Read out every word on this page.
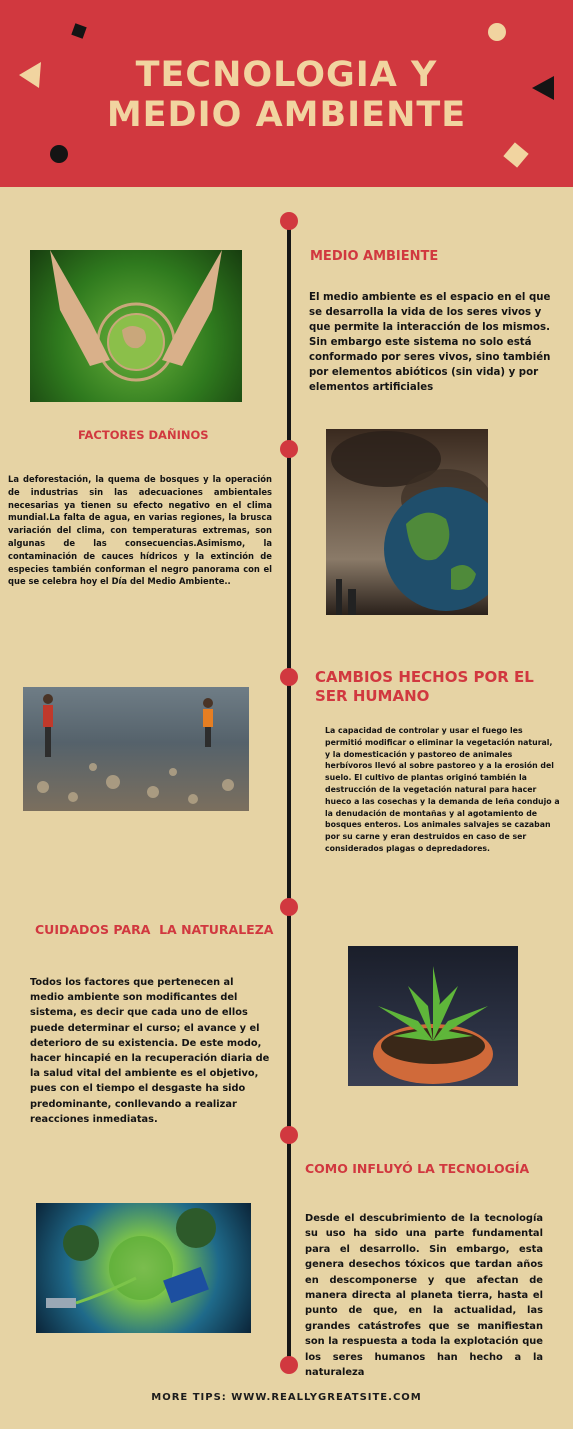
TECNOLOGIA Y
MEDIO AMBIENTE
MEDIO AMBIENTE
El medio ambiente es el espacio en el que se desarrolla la vida de los seres vivos y que permite la interacción de los mismos. Sin embargo este sistema no solo está conformado por seres vivos, sino también por elementos abióticos (sin vida) y por elementos artificiales
FACTORES DAÑINOS
La deforestación, la quema de bosques y la operación de industrias sin las adecuaciones ambientales necesarias ya tienen su efecto negativo en el clima mundial.La falta de agua, en varias regiones, la brusca variación del clima, con temperaturas extremas, son algunas de las consecuencias.Asimismo, la contaminación de cauces hídricos y la extinción de especies también conforman el negro panorama con el que se celebra hoy el Día del Medio Ambiente..
CAMBIOS HECHOS POR EL SER HUMANO
La capacidad de controlar y usar el fuego les permitió modificar o eliminar la vegetación natural, y la domesticación y pastoreo de animales herbívoros llevó al sobre pastoreo y a la erosión del suelo. El cultivo de plantas originó también la destrucción de la vegetación natural para hacer hueco a las cosechas y la demanda de leña condujo a la denudación de montañas y al agotamiento de bosques enteros. Los animales salvajes se cazaban por su carne y eran destruidos en caso de ser considerados plagas o depredadores.
CUIDADOS PARA  LA NATURALEZA
Todos los factores que pertenecen al medio ambiente son modificantes del sistema, es decir que cada uno de ellos puede determinar el curso; el avance y el deterioro de su existencia. De este modo, hacer hincapié en la recuperación diaria de la salud vital del ambiente es el objetivo, pues con el tiempo el desgaste ha sido predominante, conllevando a realizar reacciones inmediatas.
COMO INFLUYÓ LA TECNOLOGÍA
Desde el descubrimiento de la tecnología su uso ha sido una parte fundamental para el desarrollo. Sin embargo, esta genera desechos tóxicos que tardan años en descomponerse y que afectan de manera directa al planeta tierra, hasta el punto de que, en la actualidad, las grandes catástrofes que se manifiestan son la respuesta a toda la explotación que los seres humanos han hecho a la naturaleza
MORE TIPS: WWW.REALLYGREATSITE.COM
